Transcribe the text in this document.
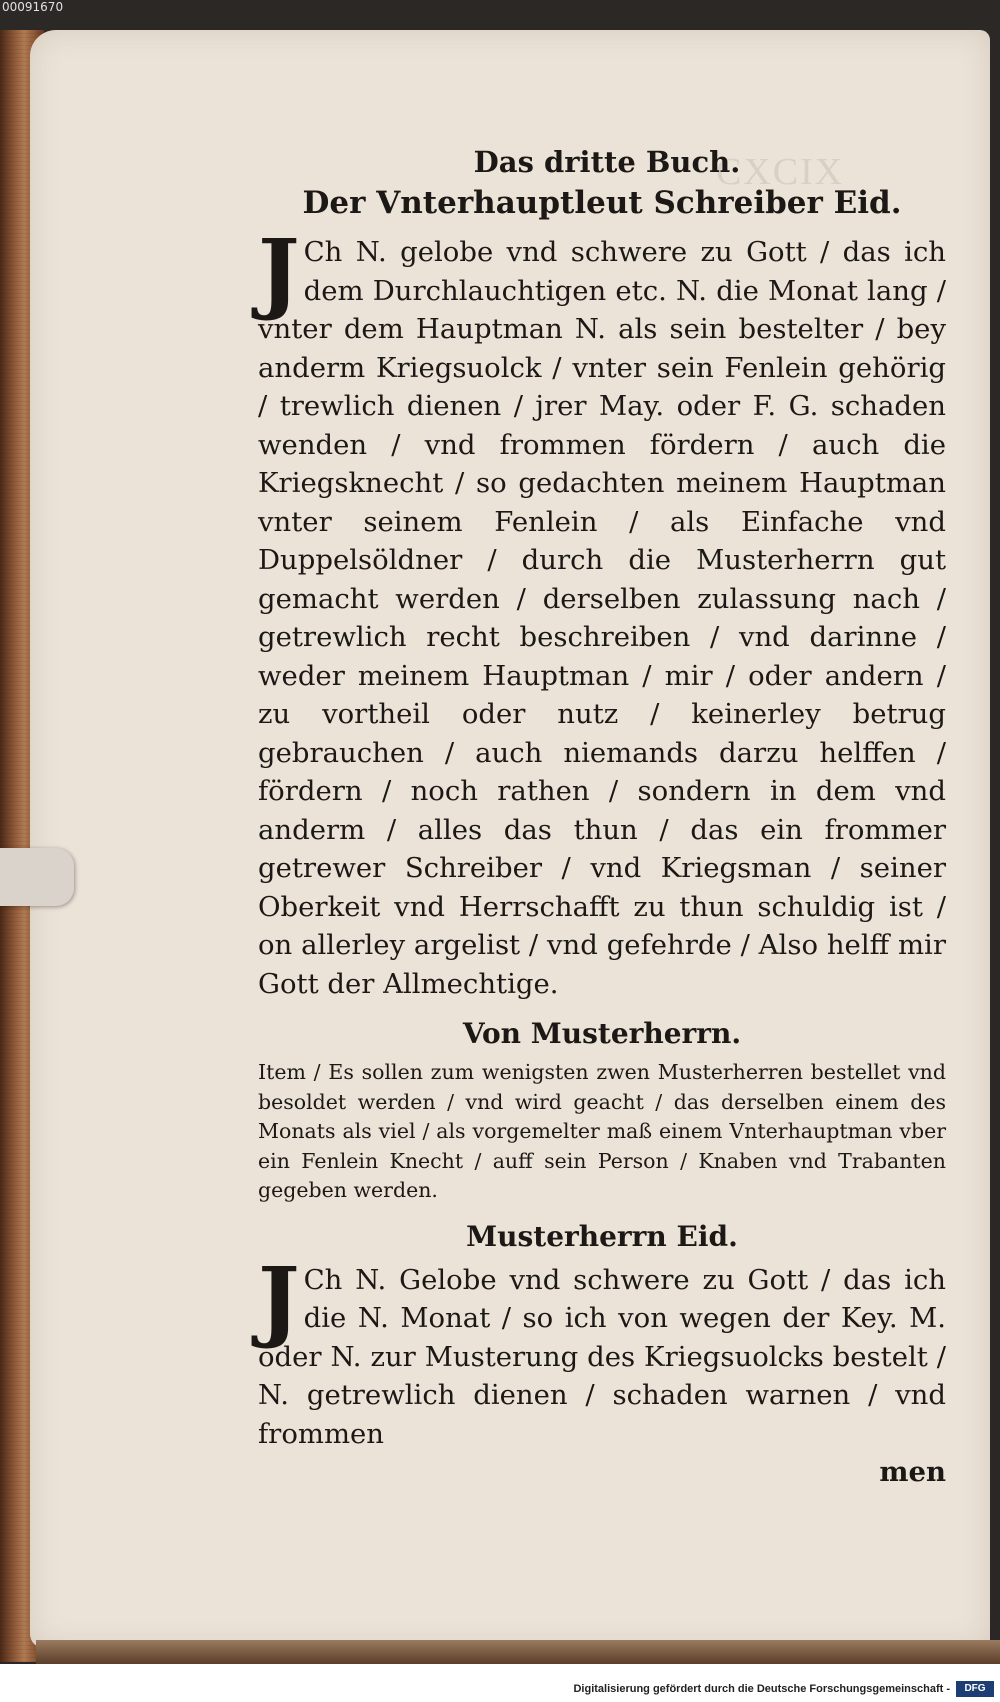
00091670
CXCIX
Das dritte Buch.
Der Vnterhauptleut Schreiber Eid.

J Ch N. gelobe vnd schwere zu Gott / das ich dem Durchlauchtigen etc. N. die Monat lang / vnter dem Hauptman N. als sein bestelter / bey anderm Kriegsuolck / vnter sein Fenlein gehörig / trewlich dienen / jrer May. oder F. G. schaden wenden / vnd frommen fördern / auch die Kriegsknecht / so gedachten meinem Hauptman vnter seinem Fenlein / als Einfache vnd Duppelsöldner / durch die Musterherrn gut gemacht werden / derselben zulassung nach / getrewlich recht beschreiben / vnd darinne / weder meinem Hauptman / mir / oder andern / zu vortheil oder nutz / keinerley betrug gebrauchen / auch niemands darzu helffen / fördern / noch rathen / sondern in dem vnd anderm / alles das thun / das ein frommer getrewer Schreiber / vnd Kriegsman / seiner Oberkeit vnd Herrschafft zu thun schuldig ist / on allerley argelist / vnd gefehrde / Also helff mir Gott der Allmechtige.

Von Musterherrn.

Item / Es sollen zum wenigsten zwen Musterherren bestellet vnd besoldet werden / vnd wird geacht / das derselben einem des Monats als viel / als vorgemelter maß einem Vnterhauptman vber ein Fenlein Knecht / auff sein Person / Knaben vnd Trabanten gegeben werden.

Musterherrn Eid.

J Ch N. Gelobe vnd schwere zu Gott / das ich die N. Monat / so ich von wegen der Key. M. oder N. zur Musterung des Kriegsuolcks bestelt / N. getrewlich dienen / schaden warnen / vnd frommen

men

Digitalisierung gefördert durch die Deutsche Forschungsgemeinschaft -	DFG
